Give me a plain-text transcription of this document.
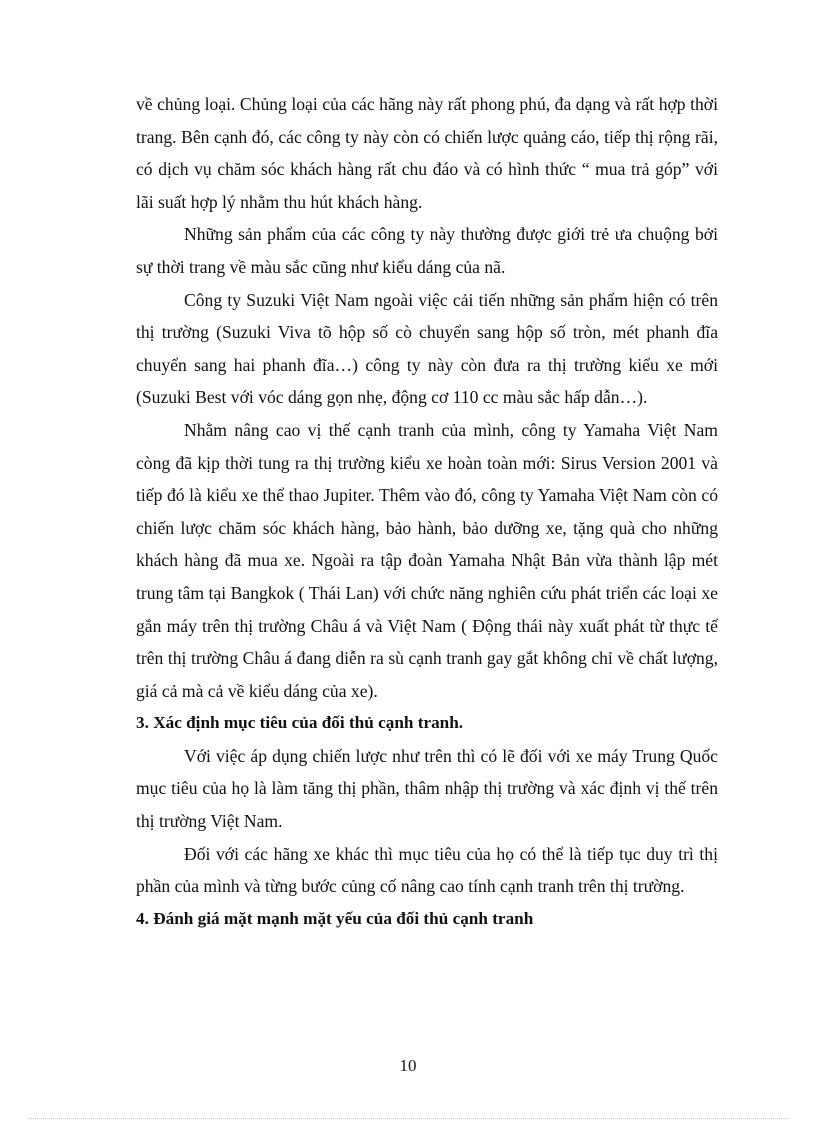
về chủng loại. Chủng loại của các hãng này rất phong phú, đa dạng và rất hợp thời trang. Bên cạnh đó, các công ty này còn có chiến lược quảng cáo, tiếp thị rộng rãi, có dịch vụ chăm sóc khách hàng rất chu đáo và có hình thức “ mua trả góp” với lãi suất hợp lý nhằm thu hút khách hàng.

Những sản phẩm của các công ty này thường được giới trẻ ưa chuộng bởi sự thời trang về màu sắc cũng như kiểu dáng của nã.

Công ty Suzuki Việt Nam ngoài việc cải tiến những sản phẩm hiện có trên thị trường (Suzuki Viva tõ hộp số cò chuyển sang hộp số tròn, mét phanh đĩa chuyển sang hai phanh đĩa…) công ty này còn đưa ra thị trường kiểu xe mới (Suzuki Best với vóc dáng gọn nhẹ, động cơ 110 cc màu sắc hấp dẫn…).

Nhằm nâng cao vị thế cạnh tranh của mình, công ty Yamaha Việt Nam còng đã kịp thời tung ra thị trường kiểu xe hoàn toàn mới: Sirus Version 2001 và tiếp đó là kiểu xe thể thao Jupiter. Thêm vào đó, công ty Yamaha Việt Nam còn có chiến lược chăm sóc khách hàng, bảo hành, bảo dưỡng xe, tặng quà cho những khách hàng đã mua xe. Ngoài ra tập đoàn Yamaha Nhật Bản vừa thành lập mét trung tâm tại Bangkok ( Thái Lan) với chức năng nghiên cứu phát triển các loại xe gắn máy trên thị trường Châu á và Việt Nam ( Động thái này xuất phát từ thực tế trên thị trường Châu á đang diễn ra sù cạnh tranh gay gắt không chỉ về chất lượng, giá cả mà cả về kiểu dáng của xe).

3. Xác định mục tiêu của đối thủ cạnh tranh.

Với việc áp dụng chiến lược như trên thì có lẽ đối với xe máy Trung Quốc mục tiêu của họ là làm tăng thị phần, thâm nhập thị trường và xác định vị thế trên thị trường Việt Nam.

Đối với các hãng xe khác thì mục tiêu của họ có thể là tiếp tục duy trì thị phần của mình và từng bước củng cố nâng cao tính cạnh tranh trên thị trường.

4. Đánh giá mặt mạnh mặt yếu của đối thủ cạnh tranh

10
